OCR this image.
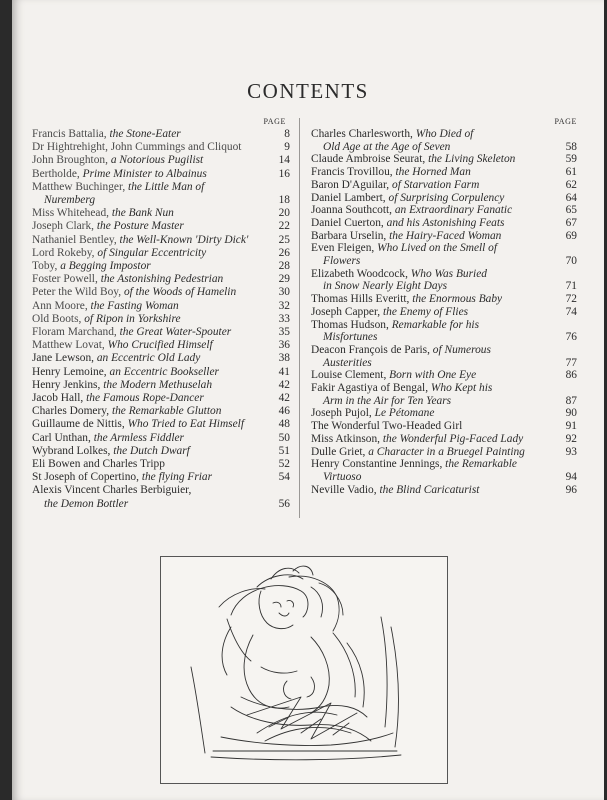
CONTENTS
PAGE
Francis Battalia, the Stone-Eater	8
Dr Hightrehight, John Cummings and Cliquot	9
John Broughton, a Notorious Pugilist	14
Bertholde, Prime Minister to Albainus	16
Matthew Buchinger, the Little Man of
Nuremberg	18
Miss Whitehead, the Bank Nun	20
Joseph Clark, the Posture Master	22
Nathaniel Bentley, the Well-Known 'Dirty Dick'	25
Lord Rokeby, of Singular Eccentricity	26
Toby, a Begging Impostor	28
Foster Powell, the Astonishing Pedestrian	29
Peter the Wild Boy, of the Woods of Hamelin	30
Ann Moore, the Fasting Woman	32
Old Boots, of Ripon in Yorkshire	33
Floram Marchand, the Great Water-Spouter	35
Matthew Lovat, Who Crucified Himself	36
Jane Lewson, an Eccentric Old Lady	38
Henry Lemoine, an Eccentric Bookseller	41
Henry Jenkins, the Modern Methuselah	42
Jacob Hall, the Famous Rope-Dancer	42
Charles Domery, the Remarkable Glutton	46
Guillaume de Nittis, Who Tried to Eat Himself	48
Carl Unthan, the Armless Fiddler	50
Wybrand Lolkes, the Dutch Dwarf	51
Eli Bowen and Charles Tripp	52
St Joseph of Copertino, the flying Friar	54
Alexis Vincent Charles Berbiguier,
the Demon Bottler	56
PAGE
Charles Charlesworth, Who Died of
Old Age at the Age of Seven	58
Claude Ambroise Seurat, the Living Skeleton	59
Francis Trovillou, the Horned Man	61
Baron D'Aguilar, of Starvation Farm	62
Daniel Lambert, of Surprising Corpulency	64
Joanna Southcott, an Extraordinary Fanatic	65
Daniel Cuerton, and his Astonishing Feats	67
Barbara Urselin, the Hairy-Faced Woman	69
Even Fleigen, Who Lived on the Smell of
Flowers	70
Elizabeth Woodcock, Who Was Buried
in Snow Nearly Eight Days	71
Thomas Hills Everitt, the Enormous Baby	72
Joseph Capper, the Enemy of Flies	74
Thomas Hudson, Remarkable for his
Misfortunes	76
Deacon François de Paris, of Numerous
Austerities	77
Louise Clement, Born with One Eye	86
Fakir Agastiya of Bengal, Who Kept his
Arm in the Air for Ten Years	87
Joseph Pujol, Le Pétomane	90
The Wonderful Two-Headed Girl	91
Miss Atkinson, the Wonderful Pig-Faced Lady	92
Dulle Griet, a Character in a Bruegel Painting	93
Henry Constantine Jennings, the Remarkable
Virtuoso	94
Neville Vadio, the Blind Caricaturist	96
